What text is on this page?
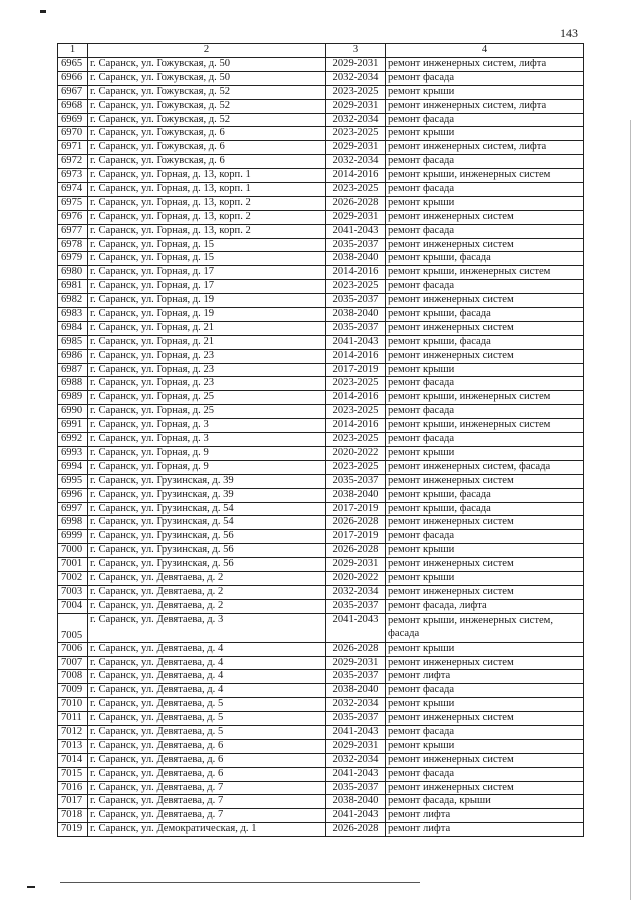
143
1	2	3	4
6965	г. Саранск, ул. Гожувская, д. 50	2029-2031	ремонт инженерных систем, лифта
6966	г. Саранск, ул. Гожувская, д. 50	2032-2034	ремонт фасада
6967	г. Саранск, ул. Гожувская, д. 52	2023-2025	ремонт крыши
6968	г. Саранск, ул. Гожувская, д. 52	2029-2031	ремонт инженерных систем, лифта
6969	г. Саранск, ул. Гожувская, д. 52	2032-2034	ремонт фасада
6970	г. Саранск, ул. Гожувская, д. 6	2023-2025	ремонт крыши
6971	г. Саранск, ул. Гожувская, д. 6	2029-2031	ремонт инженерных систем, лифта
6972	г. Саранск, ул. Гожувская, д. 6	2032-2034	ремонт фасада
6973	г. Саранск, ул. Горная, д. 13, корп. 1	2014-2016	ремонт крыши, инженерных систем
6974	г. Саранск, ул. Горная, д. 13, корп. 1	2023-2025	ремонт фасада
6975	г. Саранск, ул. Горная, д. 13, корп. 2	2026-2028	ремонт крыши
6976	г. Саранск, ул. Горная, д. 13, корп. 2	2029-2031	ремонт инженерных систем
6977	г. Саранск, ул. Горная, д. 13, корп. 2	2041-2043	ремонт фасада
6978	г. Саранск, ул. Горная, д. 15	2035-2037	ремонт инженерных систем
6979	г. Саранск, ул. Горная, д. 15	2038-2040	ремонт крыши, фасада
6980	г. Саранск, ул. Горная, д. 17	2014-2016	ремонт крыши, инженерных систем
6981	г. Саранск, ул. Горная, д. 17	2023-2025	ремонт фасада
6982	г. Саранск, ул. Горная, д. 19	2035-2037	ремонт инженерных систем
6983	г. Саранск, ул. Горная, д. 19	2038-2040	ремонт крыши, фасада
6984	г. Саранск, ул. Горная, д. 21	2035-2037	ремонт инженерных систем
6985	г. Саранск, ул. Горная, д. 21	2041-2043	ремонт крыши, фасада
6986	г. Саранск, ул. Горная, д. 23	2014-2016	ремонт инженерных систем
6987	г. Саранск, ул. Горная, д. 23	2017-2019	ремонт крыши
6988	г. Саранск, ул. Горная, д. 23	2023-2025	ремонт фасада
6989	г. Саранск, ул. Горная, д. 25	2014-2016	ремонт крыши, инженерных систем
6990	г. Саранск, ул. Горная, д. 25	2023-2025	ремонт фасада
6991	г. Саранск, ул. Горная, д. 3	2014-2016	ремонт крыши, инженерных систем
6992	г. Саранск, ул. Горная, д. 3	2023-2025	ремонт фасада
6993	г. Саранск, ул. Горная, д. 9	2020-2022	ремонт крыши
6994	г. Саранск, ул. Горная, д. 9	2023-2025	ремонт инженерных систем, фасада
6995	г. Саранск, ул. Грузинская, д. 39	2035-2037	ремонт инженерных систем
6996	г. Саранск, ул. Грузинская, д. 39	2038-2040	ремонт крыши, фасада
6997	г. Саранск, ул. Грузинская, д. 54	2017-2019	ремонт крыши, фасада
6998	г. Саранск, ул. Грузинская, д. 54	2026-2028	ремонт инженерных систем
6999	г. Саранск, ул. Грузинская, д. 56	2017-2019	ремонт фасада
7000	г. Саранск, ул. Грузинская, д. 56	2026-2028	ремонт крыши
7001	г. Саранск, ул. Грузинская, д. 56	2029-2031	ремонт инженерных систем
7002	г. Саранск, ул. Девятаева, д. 2	2020-2022	ремонт крыши
7003	г. Саранск, ул. Девятаева, д. 2	2032-2034	ремонт инженерных систем
7004	г. Саранск, ул. Девятаева, д. 2	2035-2037	ремонт фасада, лифта
7005	г. Саранск, ул. Девятаева, д. 3	2041-2043	ремонт крыши, инженерных систем, фасада
7006	г. Саранск, ул. Девятаева, д. 4	2026-2028	ремонт крыши
7007	г. Саранск, ул. Девятаева, д. 4	2029-2031	ремонт инженерных систем
7008	г. Саранск, ул. Девятаева, д. 4	2035-2037	ремонт лифта
7009	г. Саранск, ул. Девятаева, д. 4	2038-2040	ремонт фасада
7010	г. Саранск, ул. Девятаева, д. 5	2032-2034	ремонт крыши
7011	г. Саранск, ул. Девятаева, д. 5	2035-2037	ремонт инженерных систем
7012	г. Саранск, ул. Девятаева, д. 5	2041-2043	ремонт фасада
7013	г. Саранск, ул. Девятаева, д. 6	2029-2031	ремонт крыши
7014	г. Саранск, ул. Девятаева, д. 6	2032-2034	ремонт инженерных систем
7015	г. Саранск, ул. Девятаева, д. 6	2041-2043	ремонт фасада
7016	г. Саранск, ул. Девятаева, д. 7	2035-2037	ремонт инженерных систем
7017	г. Саранск, ул. Девятаева, д. 7	2038-2040	ремонт фасада, крыши
7018	г. Саранск, ул. Девятаева, д. 7	2041-2043	ремонт лифта
7019	г. Саранск, ул. Демократическая, д. 1	2026-2028	ремонт лифта
